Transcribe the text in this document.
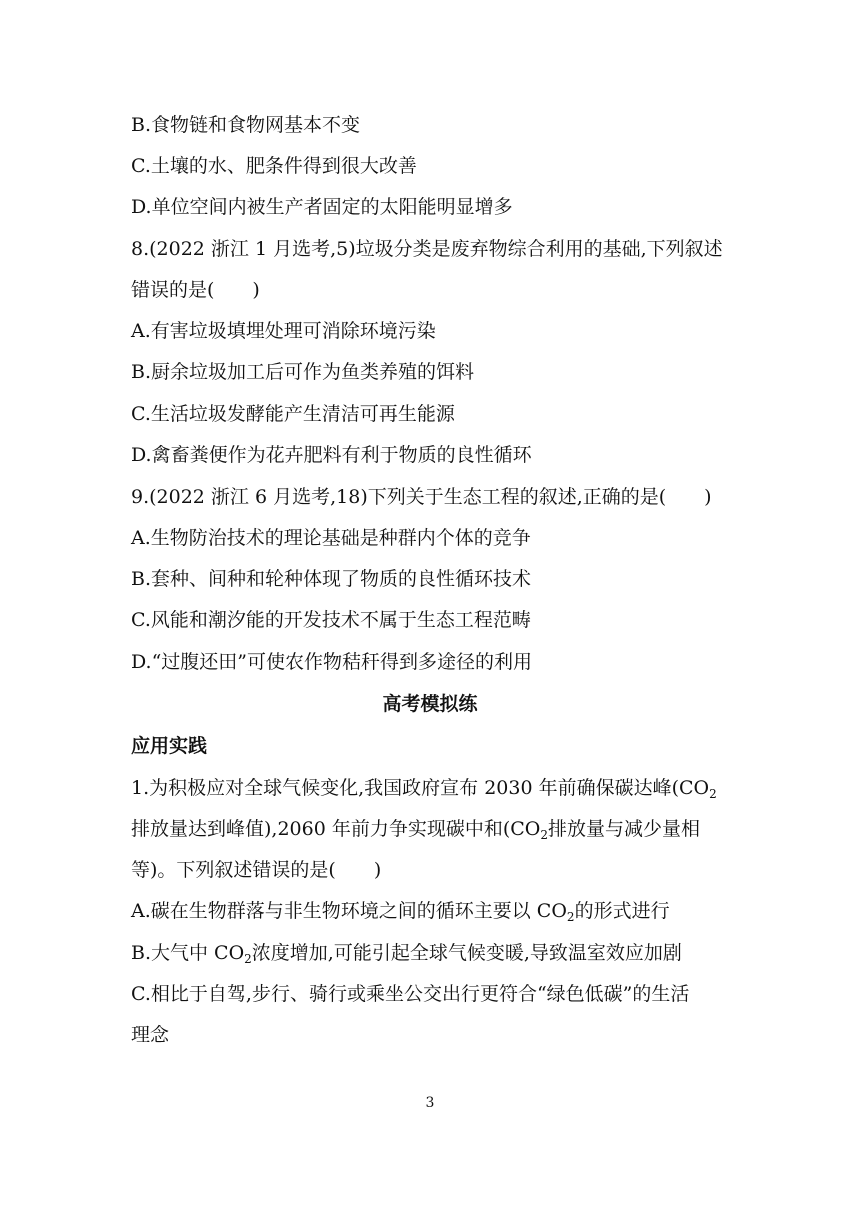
B.食物链和食物网基本不变
C.土壤的水、肥条件得到很大改善
D.单位空间内被生产者固定的太阳能明显增多
8.(2022 浙江 1 月选考,5)垃圾分类是废弃物综合利用的基础,下列叙述
错误的是(　　)
A.有害垃圾填埋处理可消除环境污染
B.厨余垃圾加工后可作为鱼类养殖的饵料
C.生活垃圾发酵能产生清洁可再生能源
D.禽畜粪便作为花卉肥料有利于物质的良性循环
9.(2022 浙江 6 月选考,18)下列关于生态工程的叙述,正确的是(　　)
A.生物防治技术的理论基础是种群内个体的竞争
B.套种、间种和轮种体现了物质的良性循环技术
C.风能和潮汐能的开发技术不属于生态工程范畴
D.“过腹还田”可使农作物秸秆得到多途径的利用
高考模拟练
应用实践
1.为积极应对全球气候变化,我国政府宣布 2030 年前确保碳达峰($CO_2$
排放量达到峰值),2060 年前力争实现碳中和($CO_2$排放量与减少量相
等)。下列叙述错误的是(　　)
A.碳在生物群落与非生物环境之间的循环主要以 $CO_2$的形式进行
B.大气中 $CO_2$浓度增加,可能引起全球气候变暖,导致温室效应加剧
C.相比于自驾,步行、骑行或乘坐公交出行更符合“绿色低碳”的生活
理念
3
